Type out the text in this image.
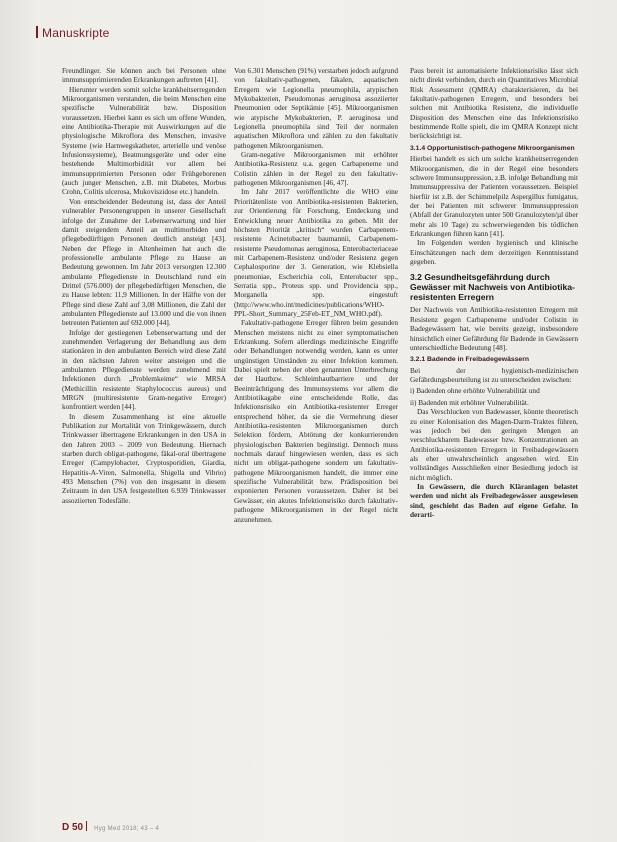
Manuskripte

Freundlinger. Sie können auch bei Personen ohne immunsupprimierenden Erkrankungen auftreten [41].

Hierunter werden somit solche krankheitserregenden Mikroorganismen verstanden, die beim Menschen eine spezifische Vulnerabilität bzw. Disposition voraussetzen. Hierbei kann es sich um offene Wunden, eine Antibiotika-Therapie mit Auswirkungen auf die physiologische Mikroflora des Menschen, invasive Systeme (wie Harnwegskatheter, arterielle und venöse Infusionssysteme), Beatmungsgeräte und oder eine bestehende Multimorbidität vor allem bei immunsupprimierten Personen oder Frühgeborenen (auch junger Menschen, z.B. mit Diabetes, Morbus Crohn, Colitis ulcerosa, Mukoviszidose etc.) handeln.

Von entscheidender Bedeutung ist, dass der Anteil vulnerabler Personengruppen in unserer Gesellschaft infolge der Zunahme der Lebenserwartung und hier damit steigendem Anteil an multimorbiden und pflegebedürftigen Personen deutlich ansteigt [43]. Neben der Pflege in Altenheimen hat auch die professionelle ambulante Pflege zu Hause an Bedeutung gewonnen. Im Jahr 2013 versorgten 12.300 ambulante Pflegedienste in Deutschland rund ein Drittel (576.000) der pflegebedürftigen Menschen, die zu Hause lebten: 11,9 Millionen. In der Hälfte von der Pflege sind diese Zahl auf 3,08 Millionen, die Zahl der ambulanten Pflegedienste auf 13.000 und die von ihnen betreuten Patienten auf 692.000 [44].

Infolge der gestiegenen Lebenserwartung und der zunehmenden Verlagerung der Behandlung aus dem stationären in den ambulanten Bereich wird diese Zahl in den nächsten Jahren weiter ansteigen und die ambulanten Pflegedienste werden zunehmend mit Infektionen durch „Problemkeime“ wie MRSA (Methicillin resistente Staphylococcus aureus) und MRGN (multiresistente Gram-negative Erreger) konfrontiert werden [44].

In diesem Zusammenhang ist eine aktuelle Publikation zur Mortalität von Trinkgewässern, durch Trinkwasser übertragene Erkrankungen in den USA in den Jahren 2003 – 2009 von Bedeutung. Hiernach starben durch obligat-pathogene, fäkal-oral übertragene Erreger (Campylobacter, Cryptosporidien, Giardia, Hepatitis-A-Viren, Salmonella, Shigella und Vibrio) 493 Menschen (7%) von den insgesamt in diesem Zeitraum in den USA festgestellten 6.939 Trinkwasser assoziierten Todesfälle.

Von 6.301 Menschen (91%) verstarben jedoch aufgrund von fakultativ-pathogenen, fäkalen, aquatischen Erregern wie Legionella pneumophila, atypischen Mykobakterien, Pseudomonas aeruginosa assoziierter Pneumonien oder Septikämie [45]. Mikroorganismen wie atypische Mykobakterien, P. aeruginosa und Legionella pneumophila sind Teil der normalen aquatischen Mikroflora und zählen zu den fakultativ pathogenen Mikroorganismen.

Gram-negative Mikroorganismen mit erhöhter Antibiotika-Resistenz u.a. gegen Carbapeneme und Colistin zählen in der Regel zu den fakultativ-pathogenen Mikroorganismen [46, 47].

Im Jahr 2017 veröffentlichte die WHO eine Prioritätenliste von Antibiotika-resistenten Bakterien, zur Orientierung für Forschung, Entdeckung und Entwicklung neuer Antibiotika zu geben. Mit der höchsten Priorität „kritisch“ wurden Carbapenem-resistente Acinetobacter baumannii, Carbapenem-resistente Pseudomonas aeruginosa, Enterobacteriaceae mit Carbapenem-Resistenz und/oder Resistenz gegen Cephalosporine der 3. Generation, wie Klebsiella pneumoniae, Escherichia coli, Enterobacter spp., Serratia spp., Proteus spp. und Providencia spp., Morganella spp. eingestuft (http://www.who.int/medicines/publications/WHO-PPL-Short_Summary_25Feb-ET_NM_WHO.pdf).

Fakultativ-pathogene Erreger führen beim gesunden Menschen meistens nicht zu einer symptomatischen Erkrankung. Sofern allerdings medizinische Eingriffe oder Behandlungen notwendig werden, kann es unter ungünstigen Umständen zu einer Infektion kommen. Dabei spielt neben der oben genannten Unterbrechung der Hautbzw. Schleimhautbarriere und der Beeinträchtigung des Immunsystems vor allem die Antibiotikagabe eine entscheidende Rolle, das Infektionsrisiko ein Antibiotika-resistenter Erreger entsprechend höher, da sie die Vermehrung dieser Antibiotika-resistenten Mikroorganismen durch Selektion fördern, Abtötung der konkurrierenden physiologischen Bakterien begünstigt. Dennoch muss nochmals darauf hingewiesen werden, dass es sich nicht um obligat-pathogene sondern um fakultativ-pathogene Mikroorganismen handelt, die immer eine spezifische Vulnerabilität bzw. Prädisposition bei exponierten Personen voraussetzen. Daher ist bei Gewässer, ein akutes Infektionsrisiko durch fakultativ-pathogene Mikroorganismen in der Regel nicht anzunehmen.

Paus bereit ist automatisierte Infektionsrisiko lässt sich nicht direkt verbinden, durch ein Quantitatives Microbial Risk Assessment (QMRA) charakterisieren, da bei fakultativ-pathogenen Erregern, und besonders bei solchen mit Antibiotika Resistenz, die individuelle Disposition des Menschen eine das Infektionsrisiko bestimmende Rolle spielt, die im QMRA Konzept nicht berücksichtigt ist.

3.1.4 Opportunistisch-pathogene Mikroorganismen

Hierbei handelt es sich um solche krankheitserregenden Mikroorganismen, die in der Regel eine besonders schwere Immunsuppression, z.B. infolge Behandlung mit Immunsuppressiva der Patienten voraussetzen. Beispiel hierfür ist z.B. der Schimmelpilz Aspergillus fumigatus, der bei Patienten mit schwerer Immunsuppression (Abfall der Granulozyten unter 500 Granulozyten/µl über mehr als 10 Tage) zu schwerwiegenden bis tödlichen Erkrankungen führen kann [41].

Im Folgenden werden hygienisch und klinische Einschätzungen nach dem derzeitigen Kenntnisstand gegeben.

3.2 Gesundheitsgefährdung durch Gewässer mit Nachweis von Antibiotika-resistenten Erregern

Der Nachweis von Antibiotika-resistenten Erregern mit Resistenz gegen Carbapeneme und/oder Colistin in Badegewässern hat, wie bereits gezeigt, insbesondere hinsichtlich einer Gefährdung für Badende in Gewässern unterschiedliche Bedeutung [48].

3.2.1 Badende in Freibadegewässern

Bei der hygienisch-medizinischen Gefährdungsbeurteilung ist zu unterscheiden zwischen:

i) Badenden ohne erhöhte Vulnerabilität und

ii) Badenden mit erhöhter Vulnerabilität.

Das Verschlucken von Badewasser, könnte theoretisch zu einer Kolonisation des Magen-Darm-Traktes führen, was jedoch bei den geringen Mengen an verschluckbarem Badewasser bzw. Konzentrationen an Antibiotika-resistenten Erregern in Freibadegewässern als eher unwahrscheinlich angesehen wird. Ein vollständiges Ausschließen einer Besiedlung jedoch ist nicht möglich.

In Gewässern, die durch Kläranlagen belastet werden und nicht als Freibadegewässer ausgewiesen sind, geschieht das Baden auf eigene Gefahr. In derarti-

D 50 Hyg Med 2018; 43 – 4
